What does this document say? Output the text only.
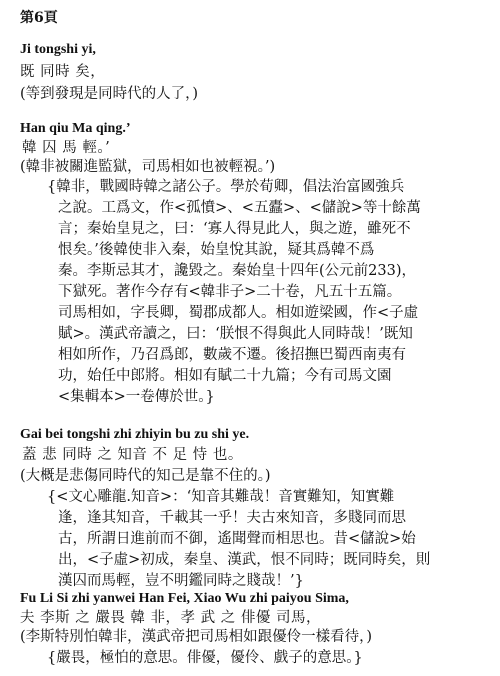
第6頁
Ji tongshi yi,
既 同時 矣，
(等到發現是同時代的人了，)
Han qiu Ma qing.’
韓 囚 馬 輕。’
(韓非被關進監獄，司馬相如也被輕視。’)
{韓非，戰國時韓之諸公子。學於荀卿，倡法治富國強兵
之說。工爲文，作<孤憤>、<五蠹>、<儲說>等十餘萬
言；秦始皇見之，曰：‘寡人得見此人，與之遊，雖死不
恨矣。’後韓使非入秦，始皇悅其說，疑其爲韓不爲
秦。李斯忌其才，讒毀之。秦始皇十四年(公元前233)，
下獄死。著作今存有<韓非子>二十卷，凡五十五篇。
司馬相如，字長卿，蜀郡成都人。相如遊梁國，作<子虛
賦>。漢武帝讀之，曰：‘朕恨不得與此人同時哉！’既知
相如所作，乃召爲郎，數歲不遷。後招撫巴蜀西南夷有
功，始任中郎將。相如有賦二十九篇；今有司馬文園
<集輯本>一卷傳於世。}
Gai bei tongshi zhi zhiyin bu zu shi ye.
蓋 悲 同時 之 知音 不 足 恃 也。
(大概是悲傷同時代的知己是靠不住的。)
{<文心雕龍.知音>：‘知音其難哉！音實難知，知實難
逢，逢其知音，千載其一乎！夫古來知音，多賤同而思
古，所謂日進前而不御，遙聞聲而相思也。昔<儲說>始
出，<子虛>初成，秦皇、漢武，恨不同時；既同時矣，則
漢囚而馬輕，豈不明鑑同時之賤哉！’}
Fu Li Si zhi yanwei Han Fei, Xiao Wu zhi paiyou Sima,
夫 李斯 之 嚴畏 韓 非，孝 武 之 俳優 司馬，
(李斯特別怕韓非，漢武帝把司馬相如跟優伶一樣看待，)
{嚴畏，極怕的意思。俳優，優伶、戲子的意思。}
